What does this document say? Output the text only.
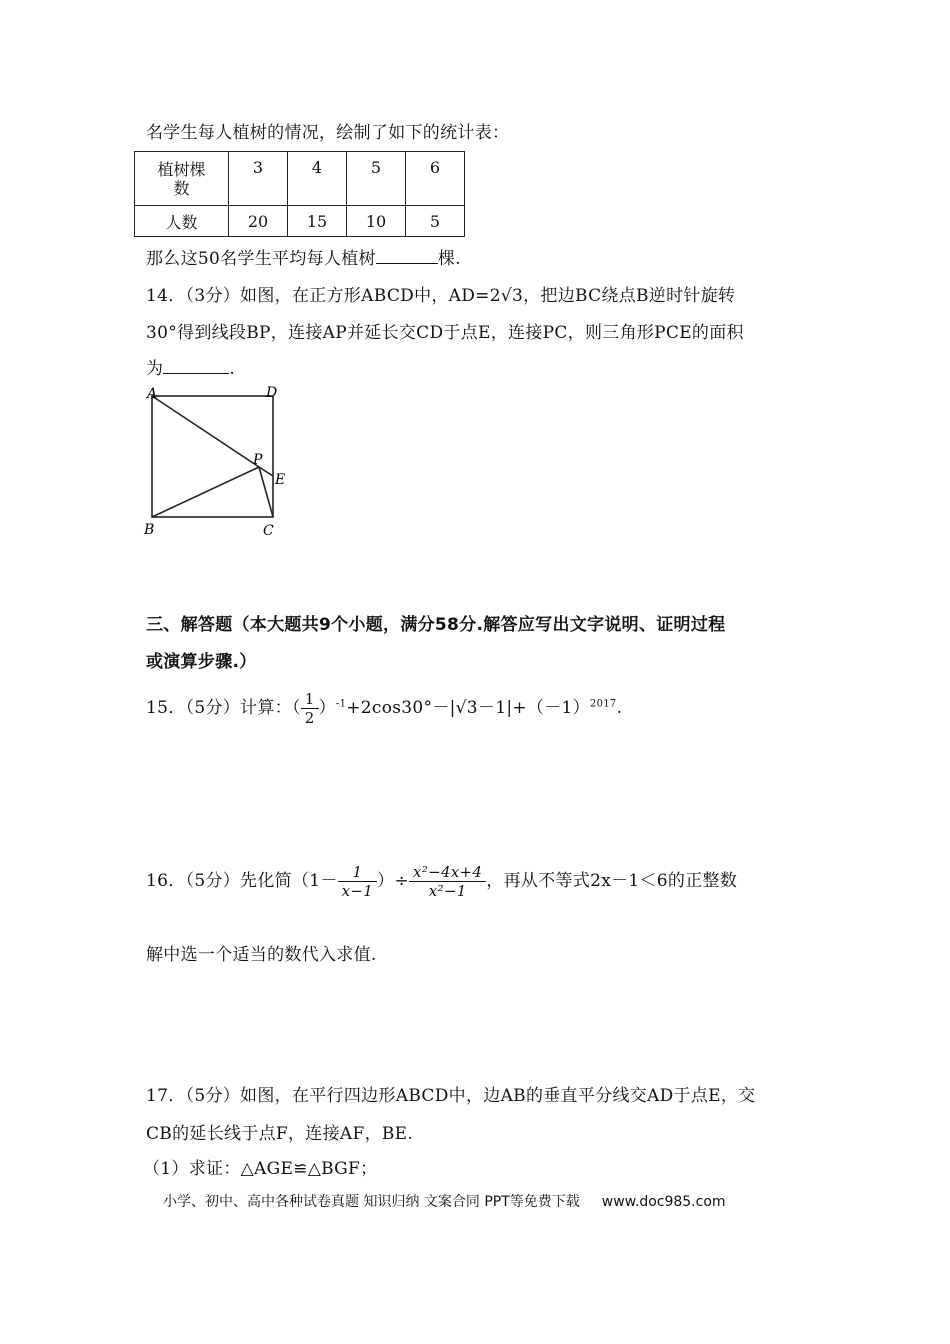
名学生每人植树的情况，绘制了如下的统计表：
植树棵
数	3	4	5	6
人数	20	15	10	5
那么这50名学生平均每人植树	棵.
14．（3分）如图，在正方形ABCD中，AD=2√3，把边BC绕点B逆时针旋转
30°得到线段BP，连接AP并延长交CD于点E，连接PC，则三角形PCE的面积
为	.
A	D
P
E
B	C
三、解答题（本大题共9个小题，满分58分.解答应写出文字说明、证明过程
或演算步骤.）
15．（5分）计算：（ $\frac{1}{2} )^{-1}+2\cos 30^\circ-|√3-1|+(-1)^{2017}$.
16．（5分）先化简（$1- \frac{1}{x-1}$ ）÷ $\frac{\text{x²−4x+4}}{\text{x²−1}}$ ，再从不等式2x－1＜6的正整数
解中选一个适当的数代入求值.
17．（5分）如图，在平行四边形ABCD中，边AB的垂直平分线交AD于点E，交
CB的延长线于点F，连接AF，BE.
（1）求证：△AGE≌△BGF；
小学、初中、高中各种试卷真题 知识归纳 文案合同 PPT等免费下载 www.doc985.com
